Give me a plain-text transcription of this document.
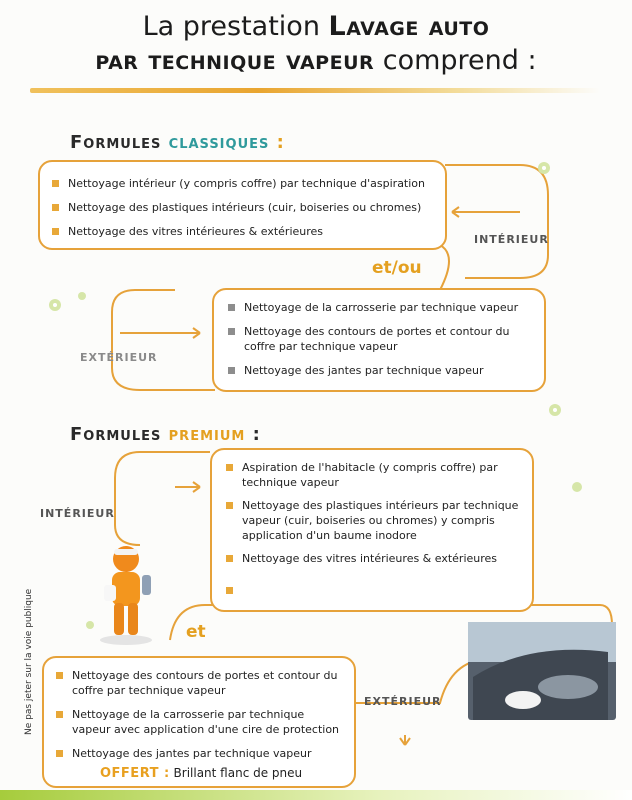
La prestation Lavage auto
par technique vapeur comprend :
Formules classiques :
Nettoyage intérieur (y compris coffre) par technique d'aspiration
Nettoyage des plastiques intérieurs (cuir, boiseries ou chromes)
Nettoyage des vitres intérieures & extérieures	intérieur
et/ou
Nettoyage de la carrosserie par technique vapeur
Nettoyage des contours de portes et contour du coffre par technique vapeur
Nettoyage des jantes par technique vapeur
extérieur
Formules premium :
Aspiration de l'habitacle (y compris coffre) par technique vapeur
Nettoyage des plastiques intérieurs par technique vapeur (cuir, boiseries ou chromes) y compris application d'un baume inodore
Nettoyage des vitres intérieures & extérieures
intérieur
et
Nettoyage des contours de portes et contour du coffre par technique vapeur
Nettoyage de la carrosserie par technique vapeur avec application d'une cire de protection
Nettoyage des jantes par technique vapeur
OFFERT : Brillant flanc de pneu
extérieur
Ne pas jeter sur la voie publique
